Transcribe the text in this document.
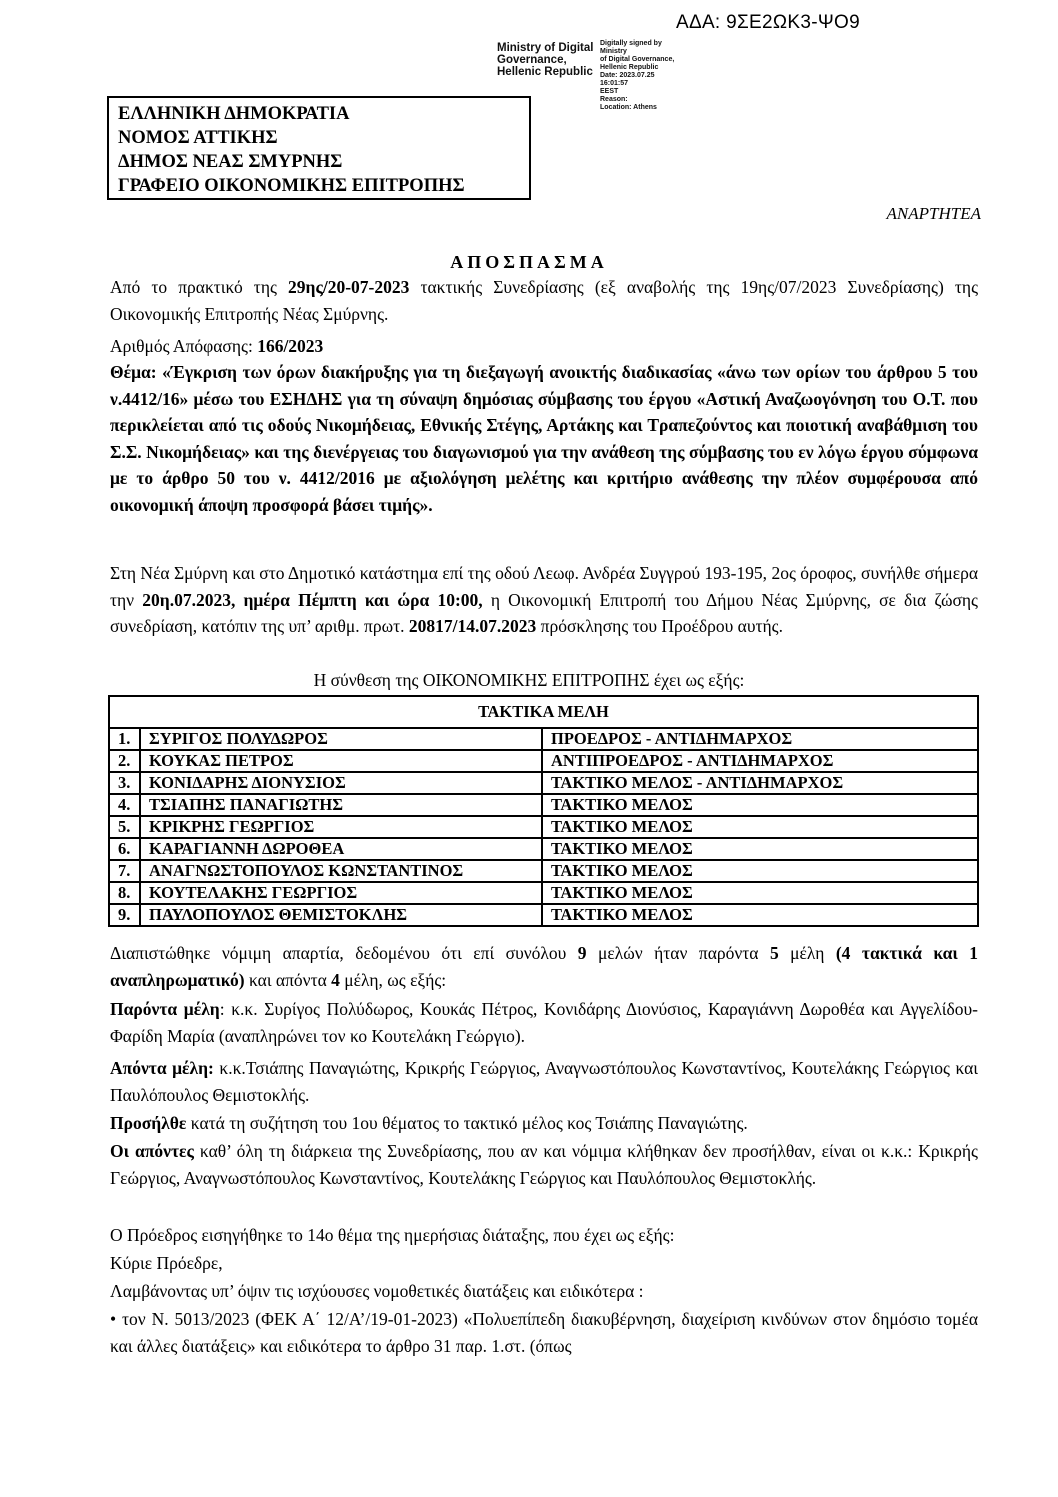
ΑΔΑ: 9ΣΕ2ΩΚ3-ΨΟ9
Ministry of Digital
Governance,
Hellenic Republic
Digitally signed by Ministry
of Digital Governance,
Hellenic Republic
Date: 2023.07.25 16:01:57
EEST
Reason:
Location: Athens
ΕΛΛΗΝΙΚΗ ΔΗΜΟΚΡΑΤΙΑ
ΝΟΜΟΣ ΑΤΤΙΚΗΣ
ΔΗΜΟΣ ΝΕΑΣ ΣΜΥΡΝΗΣ
ΓΡΑΦΕΙΟ ΟΙΚΟΝΟΜΙΚΗΣ ΕΠΙΤΡΟΠΗΣ
ΑΝΑΡΤΗΤΕΑ
ΑΠΟΣΠΑΣΜΑ
Από το πρακτικό της 29ης/20-07-2023 τακτικής Συνεδρίασης (εξ αναβολής της 19ης/07/2023 Συνεδρίασης) της Οικονομικής Επιτροπής Νέας Σμύρνης.
Αριθμός Απόφασης: 166/2023
Θέμα: «Έγκριση των όρων διακήρυξης για τη διεξαγωγή ανοικτής διαδικασίας «άνω των ορίων του άρθρου 5 του ν.4412/16» μέσω του ΕΣΗΔΗΣ για τη σύναψη δημόσιας σύμβασης του έργου «Αστική Αναζωογόνηση του Ο.Τ. που περικλείεται από τις οδούς Νικομήδειας, Εθνικής Στέγης, Αρτάκης και Τραπεζούντος και ποιοτική αναβάθμιση του Σ.Σ. Νικομήδειας» και της διενέργειας του διαγωνισμού για την ανάθεση της σύμβασης του εν λόγω έργου σύμφωνα με το άρθρο 50 του ν. 4412/2016 με αξιολόγηση μελέτης και κριτήριο ανάθεσης την πλέον συμφέρουσα από οικονομική άποψη προσφορά βάσει τιμής».
Στη Νέα Σμύρνη και στο Δημοτικό κατάστημα επί της οδού Λεωφ. Ανδρέα Συγγρού 193-195, 2ος όροφος, συνήλθε σήμερα την 20η.07.2023, ημέρα Πέμπτη και ώρα 10:00, η Οικονομική Επιτροπή του Δήμου Νέας Σμύρνης, σε δια ζώσης συνεδρίαση, κατόπιν της υπ’ αριθμ. πρωτ. 20817/14.07.2023 πρόσκλησης του Προέδρου αυτής.
Η σύνθεση της ΟΙΚΟΝΟΜΙΚΗΣ ΕΠΙΤΡΟΠΗΣ έχει ως εξής:
ΤΑΚΤΙΚΑ ΜΕΛΗ		
1.	ΣΥΡΙΓΟΣ ΠΟΛΥΔΩΡΟΣ	ΠΡΟΕΔΡΟΣ - ΑΝΤΙΔΗΜΑΡΧΟΣ
2.	ΚΟΥΚΑΣ ΠΕΤΡΟΣ	ΑΝΤΙΠΡΟΕΔΡΟΣ - ΑΝΤΙΔΗΜΑΡΧΟΣ
3.	ΚΟΝΙΔΑΡΗΣ ΔΙΟΝΥΣΙΟΣ	ΤΑΚΤΙΚΟ ΜΕΛΟΣ - ΑΝΤΙΔΗΜΑΡΧΟΣ
4.	ΤΣΙΑΠΗΣ ΠΑΝΑΓΙΩΤΗΣ	ΤΑΚΤΙΚΟ ΜΕΛΟΣ
5.	ΚΡΙΚΡΗΣ ΓΕΩΡΓΙΟΣ	ΤΑΚΤΙΚΟ ΜΕΛΟΣ
6.	ΚΑΡΑΓΙΑΝΝΗ ΔΩΡΟΘΕΑ	ΤΑΚΤΙΚΟ ΜΕΛΟΣ
7.	ΑΝΑΓΝΩΣΤΟΠΟΥΛΟΣ ΚΩΝΣΤΑΝΤΙΝΟΣ	ΤΑΚΤΙΚΟ ΜΕΛΟΣ
8.	ΚΟΥΤΕΛΑΚΗΣ ΓΕΩΡΓΙΟΣ	ΤΑΚΤΙΚΟ ΜΕΛΟΣ
9.	ΠΑΥΛΟΠΟΥΛΟΣ ΘΕΜΙΣΤΟΚΛΗΣ	ΤΑΚΤΙΚΟ ΜΕΛΟΣ
Διαπιστώθηκε νόμιμη απαρτία, δεδομένου ότι επί συνόλου 9 μελών ήταν παρόντα 5 μέλη (4 τακτικά και 1 αναπληρωματικό) και απόντα 4 μέλη, ως εξής:
Παρόντα μέλη: κ.κ. Συρίγος Πολύδωρος, Κουκάς Πέτρος, Κονιδάρης Διονύσιος, Καραγιάννη Δωροθέα και Αγγελίδου-Φαρίδη Μαρία (αναπληρώνει τον κο Κουτελάκη Γεώργιο).
Απόντα μέλη: κ.κ.Τσιάπης Παναγιώτης, Κρικρής Γεώργιος, Αναγνωστόπουλος Κωνσταντίνος, Κουτελάκης Γεώργιος και Παυλόπουλος Θεμιστοκλής.
Προσήλθε κατά τη συζήτηση του 1ου θέματος το τακτικό μέλος κος Τσιάπης Παναγιώτης.
Οι απόντες καθ’ όλη τη διάρκεια της Συνεδρίασης, που αν και νόμιμα κλήθηκαν δεν προσήλθαν, είναι οι κ.κ.: Κρικρής Γεώργιος, Αναγνωστόπουλος Κωνσταντίνος, Κουτελάκης Γεώργιος και Παυλόπουλος Θεμιστοκλής.
Ο Πρόεδρος εισηγήθηκε το 14ο θέμα της ημερήσιας διάταξης, που έχει ως εξής:
Κύριε Πρόεδρε,
Λαμβάνοντας υπ’ όψιν τις ισχύουσες νομοθετικές διατάξεις και ειδικότερα :
• τον Ν. 5013/2023 (ΦΕΚ Α΄ 12/Α’/19-01-2023) «Πολυεπίπεδη διακυβέρνηση, διαχείριση κινδύνων στον δημόσιο τομέα και άλλες διατάξεις» και ειδικότερα το άρθρο 31 παρ. 1.στ. (όπως
